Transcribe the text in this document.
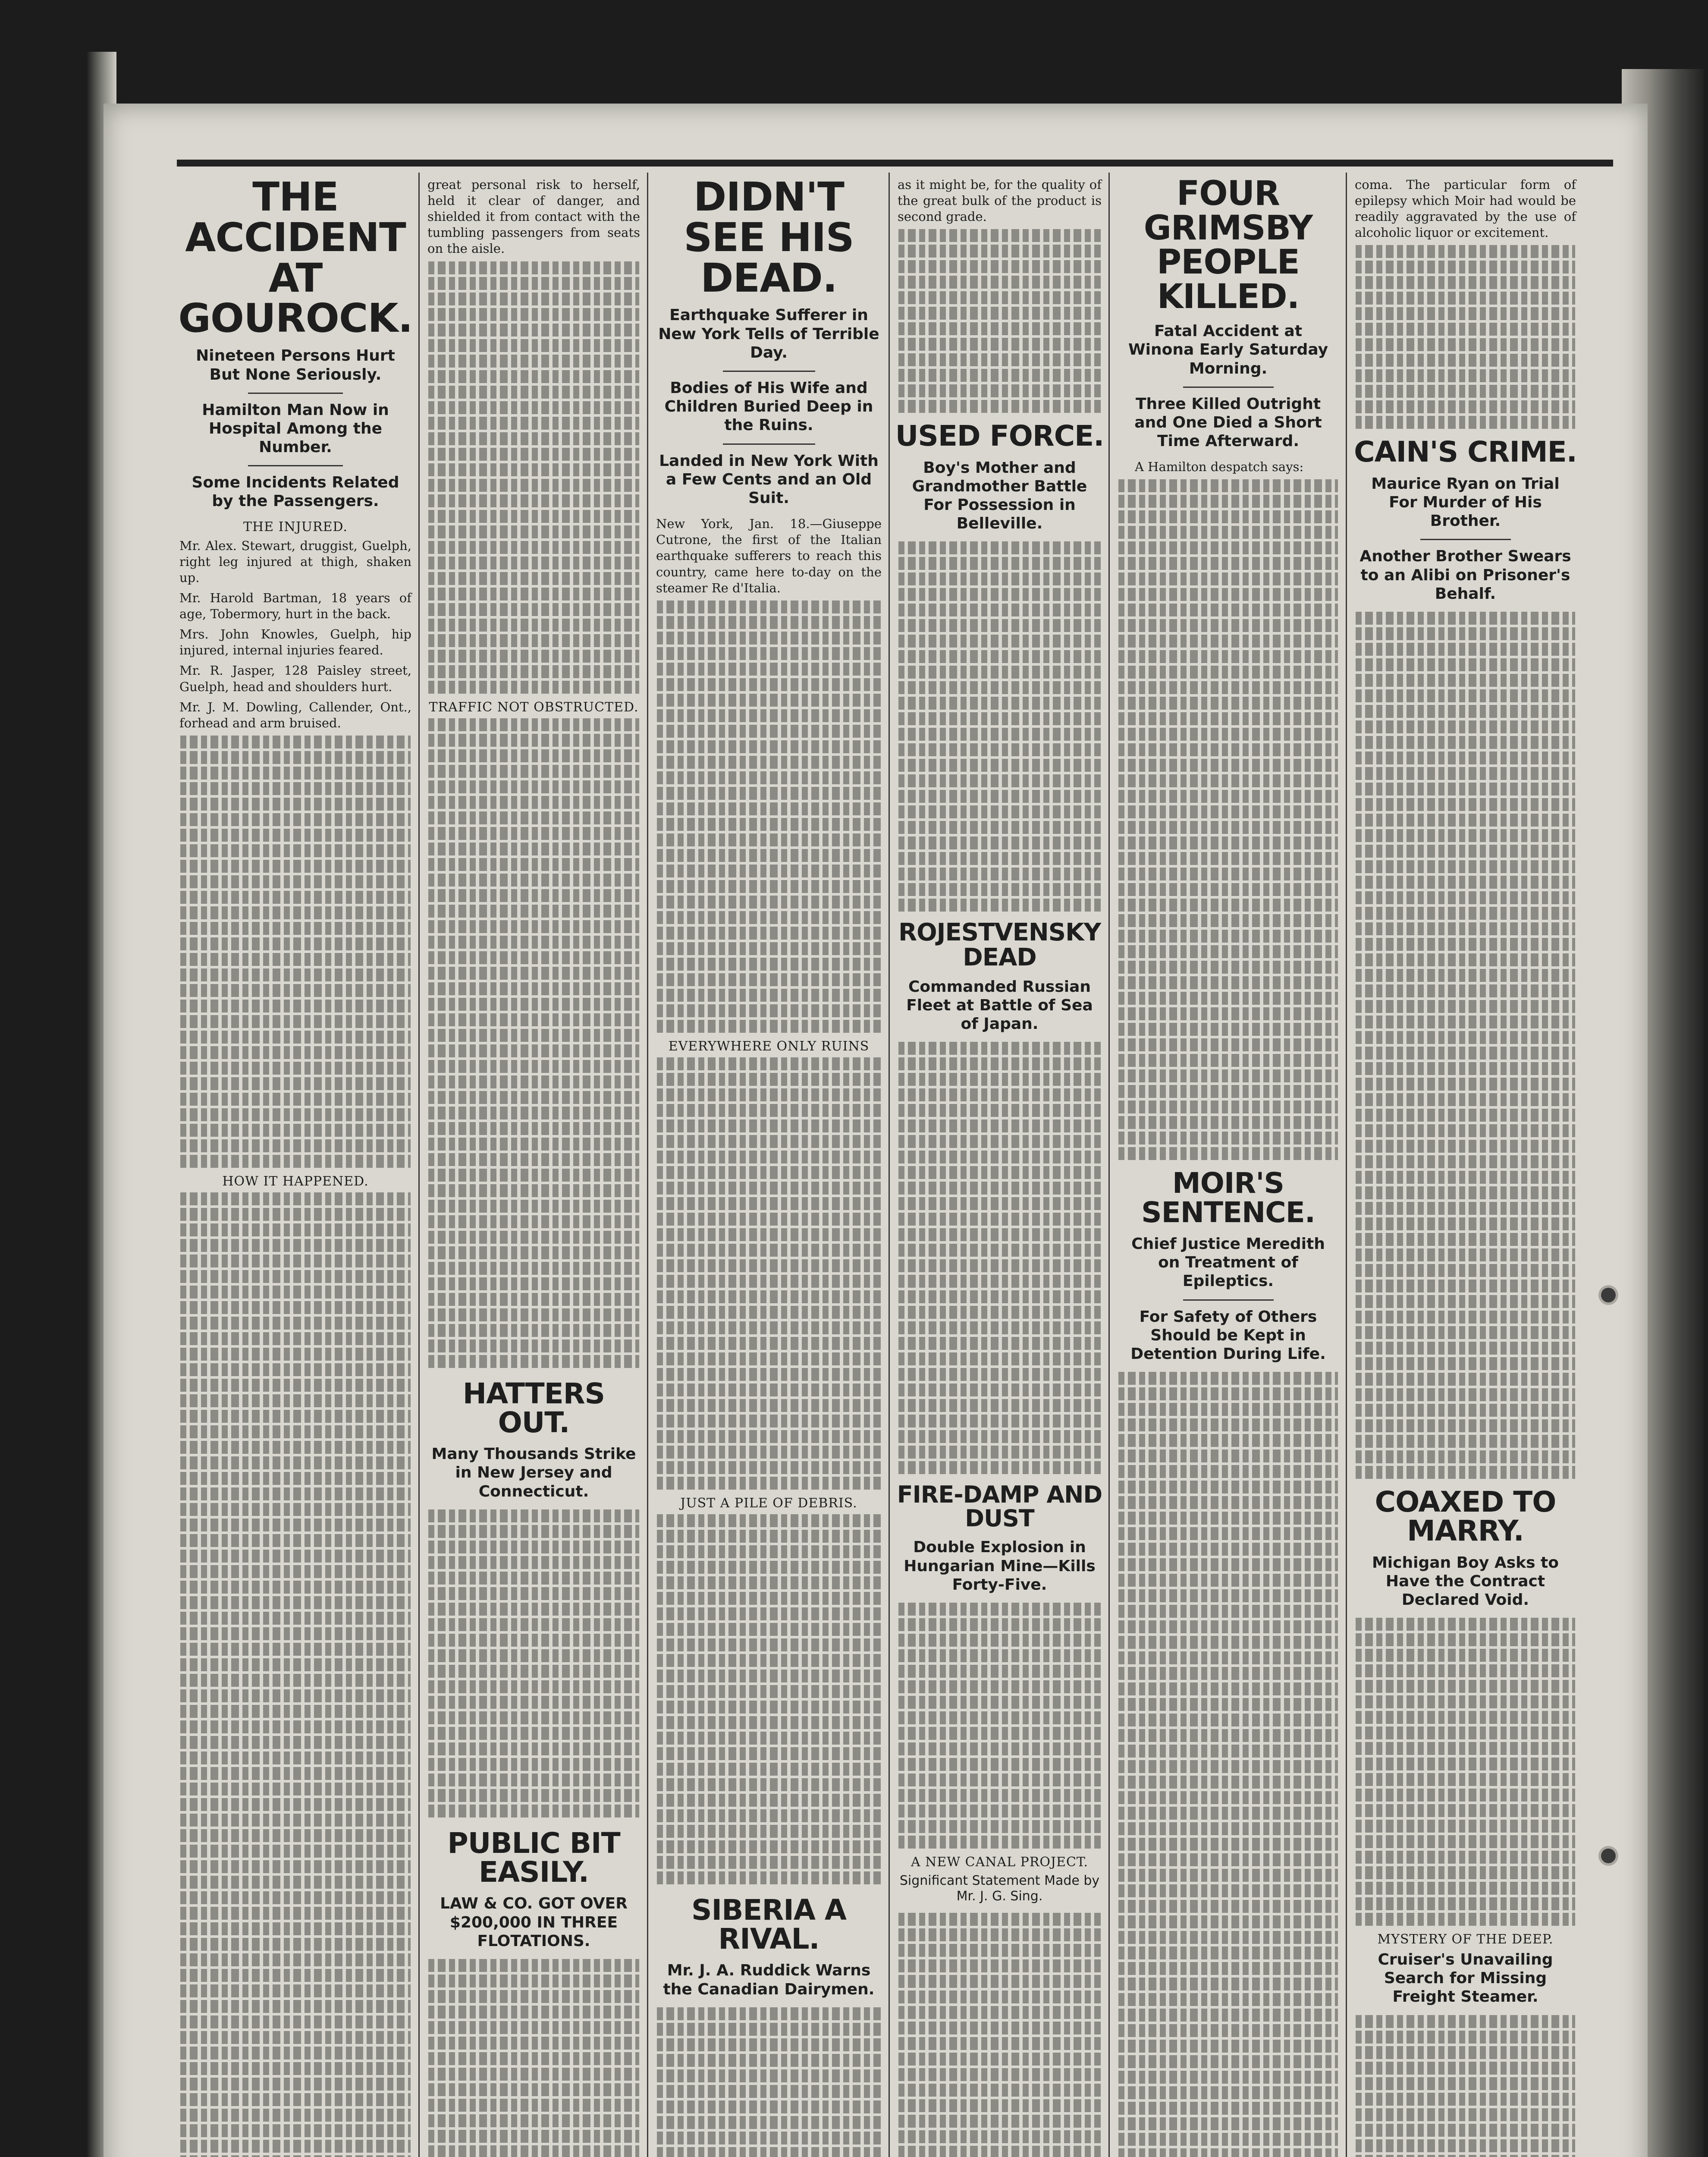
THE ACCIDENT AT GOUROCK.
Nineteen Persons Hurt But None Seriously.
Hamilton Man Now in Hospital Among the Number.
Some Incidents Related by the Passengers.
THE INJURED.

Mr. Alex. Stewart, druggist, Guelph, right leg injured at thigh, shaken up.

Mr. Harold Bartman, 18 years of age, Tobermory, hurt in the back.

Mrs. John Knowles, Guelph, hip injured, internal injuries feared.

Mr. R. Jasper, 128 Paisley street, Guelph, head and shoulders hurt.

Mr. J. M. Dowling, Callender, Ont., forhead and arm bruised.

HOW IT HAPPENED.

great personal risk to herself, held it clear of danger, and shielded it from contact with the tumbling passengers from seats on the aisle.

TRAFFIC NOT OBSTRUCTED.
HATTERS OUT.
Many Thousands Strike in New Jersey and Connecticut.
PUBLIC BIT EASILY.
LAW & CO. GOT OVER $200,000 IN THREE FLOTATIONS.
DIDN'T SEE HIS DEAD.
Earthquake Sufferer in New York Tells of Terrible Day.
Bodies of His Wife and Children Buried Deep in the Ruins.
Landed in New York With a Few Cents and an Old Suit.

New York, Jan. 18.—Giuseppe Cutrone, the first of the Italian earthquake sufferers to reach this country, came here to-day on the steamer Re d'Italia.

EVERYWHERE ONLY RUINS
JUST A PILE OF DEBRIS.
SIBERIA A RIVAL.
Mr. J. A. Ruddick Warns the Canadian Dairymen.

as it might be, for the quality of the great bulk of the product is second grade.

USED FORCE.
Boy's Mother and Grandmother Battle For Possession in Belleville.
ROJESTVENSKY DEAD
Commanded Russian Fleet at Battle of Sea of Japan.
FIRE-DAMP AND DUST
Double Explosion in Hungarian Mine—Kills Forty-Five.
A NEW CANAL PROJECT.
Significant Statement Made by Mr. J. G. Sing.
FOUR GRIMSBY PEOPLE KILLED.
Fatal Accident at Winona Early Saturday Morning.
Three Killed Outright and One Died a Short Time Afterward.

A Hamilton despatch says:

MOIR'S SENTENCE.
Chief Justice Meredith on Treatment of Epileptics.
For Safety of Others Should be Kept in Detention During Life.

coma. The particular form of epilepsy which Moir had would be readily aggravated by the use of alcoholic liquor or excitement.

CAIN'S CRIME.
Maurice Ryan on Trial For Murder of His Brother.
Another Brother Swears to an Alibi on Prisoner's Behalf.
COAXED TO MARRY.
Michigan Boy Asks to Have the Contract Declared Void.
MYSTERY OF THE DEEP.
Cruiser's Unavailing Search for Missing Freight Steamer.
